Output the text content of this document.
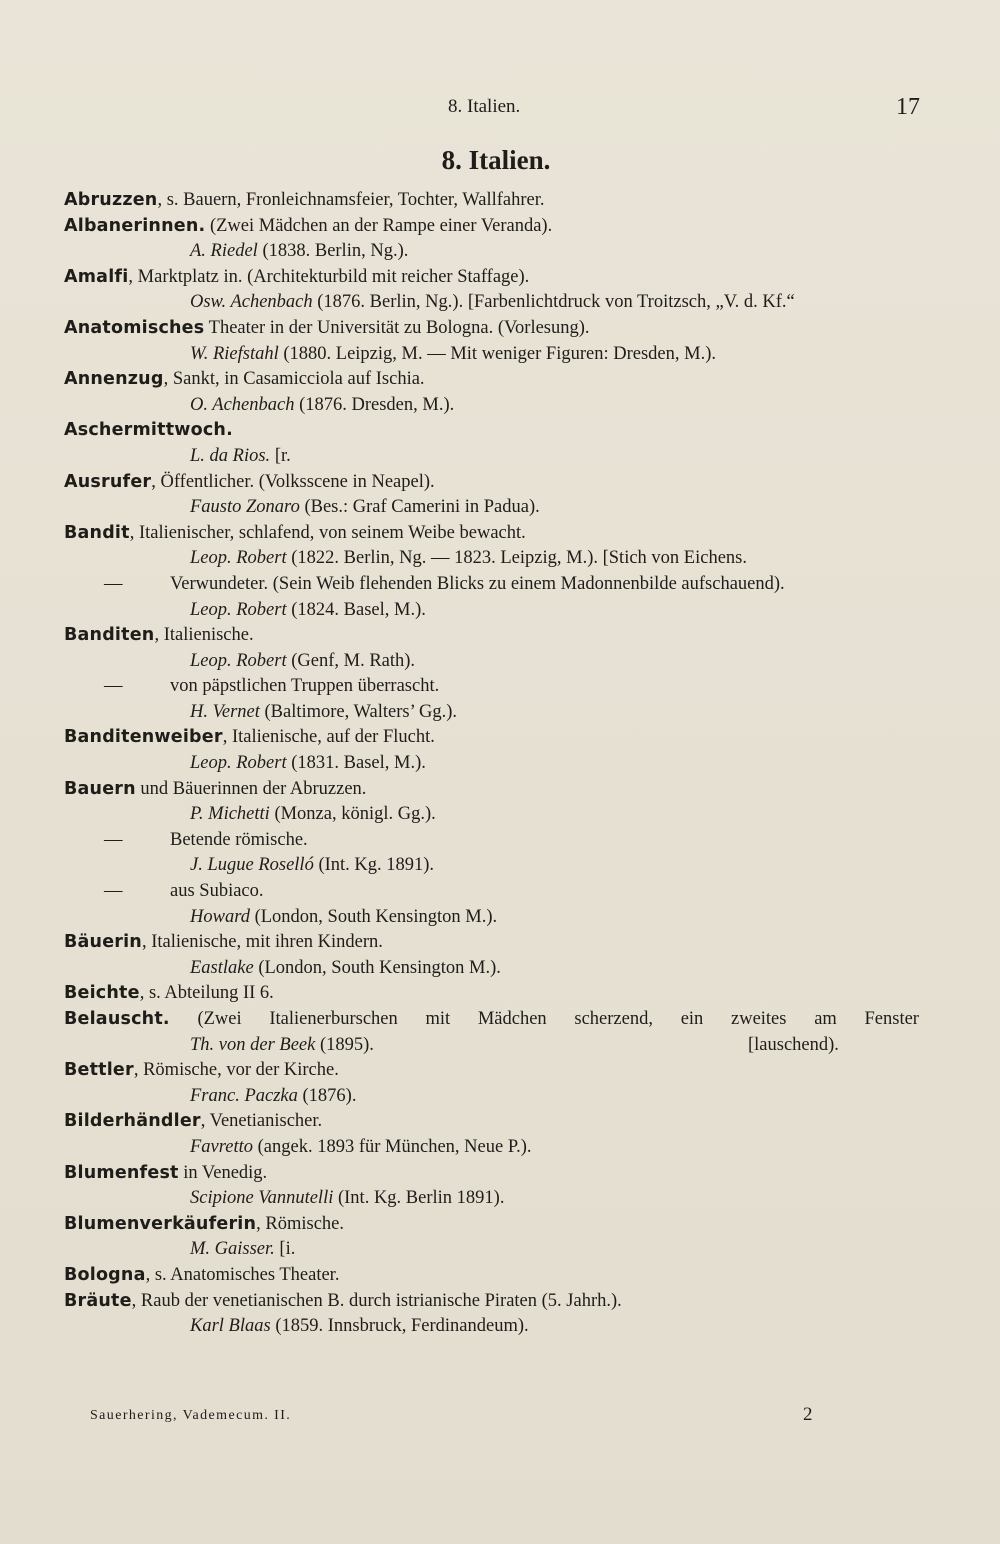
8. Italien.	17
8. Italien.
Abruzzen, s. Bauern, Fronleichnamsfeier, Tochter, Wallfahrer.
Albanerinnen. (Zwei Mädchen an der Rampe einer Veranda).
A. Riedel (1838. Berlin, Ng.).
Amalfi, Marktplatz in. (Architekturbild mit reicher Staffage).
Osw. Achenbach (1876. Berlin, Ng.). [Farbenlichtdruck von Troitzsch, „V. d. Kf.“
Anatomisches Theater in der Universität zu Bologna. (Vorlesung).
W. Riefstahl (1880. Leipzig, M. — Mit weniger Figuren: Dresden, M.).
Annenzug, Sankt, in Casamicciola auf Ischia.
O. Achenbach (1876. Dresden, M.).
Aschermittwoch.
L. da Rios. [r.
Ausrufer, Öffentlicher. (Volksscene in Neapel).
Fausto Zonaro (Bes.: Graf Camerini in Padua).
Bandit, Italienischer, schlafend, von seinem Weibe bewacht.
Leop. Robert (1822. Berlin, Ng. — 1823. Leipzig, M.). [Stich von Eichens.
—	Verwundeter. (Sein Weib flehenden Blicks zu einem Madonnenbilde aufschauend).
Leop. Robert (1824. Basel, M.).
Banditen, Italienische.
Leop. Robert (Genf, M. Rath).
—	von päpstlichen Truppen überrascht.
H. Vernet (Baltimore, Walters’ Gg.).
Banditenweiber, Italienische, auf der Flucht.
Leop. Robert (1831. Basel, M.).
Bauern und Bäuerinnen der Abruzzen.
P. Michetti (Monza, königl. Gg.).
—	Betende römische.
J. Lugue Roselló (Int. Kg. 1891).
—	aus Subiaco.
Howard (London, South Kensington M.).
Bäuerin, Italienische, mit ihren Kindern.
Eastlake (London, South Kensington M.).
Beichte, s. Abteilung II 6.
Belauscht. (Zwei Italienerburschen mit Mädchen scherzend, ein zweites am Fenster
Th. von der Beek (1895).	[lauschend).
Bettler, Römische, vor der Kirche.
Franc. Paczka (1876).
Bilderhändler, Venetianischer.
Favretto (angek. 1893 für München, Neue P.).
Blumenfest in Venedig.
Scipione Vannutelli (Int. Kg. Berlin 1891).
Blumenverkäuferin, Römische.
M. Gaisser. [i.
Bologna, s. Anatomisches Theater.
Bräute, Raub der venetianischen B. durch istrianische Piraten (5. Jahrh.).
Karl Blaas (1859. Innsbruck, Ferdinandeum).
Sauerhering, Vademecum. II.	2
